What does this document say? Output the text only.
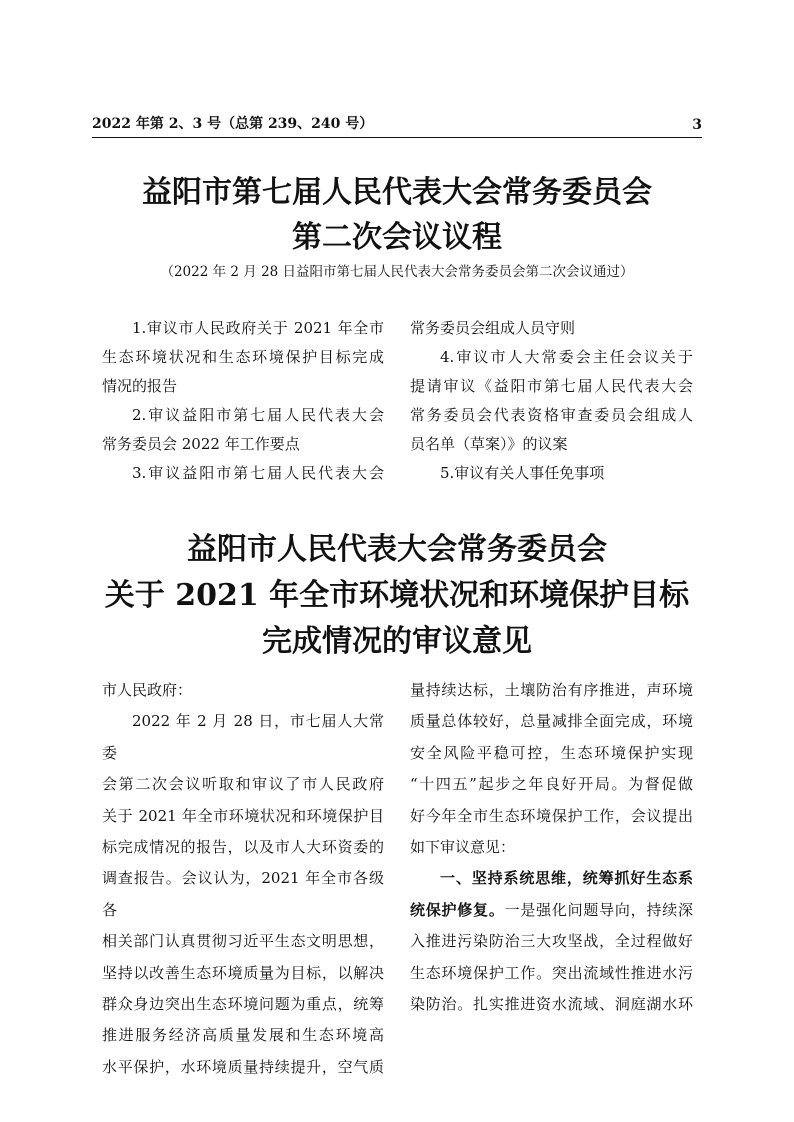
2022 年第 2、3 号（总第 239、240 号）	3
益阳市第七届人民代表大会常务委员会
第二次会议议程
（2022 年 2 月 28 日益阳市第七届人民代表大会常务委员会第二次会议通过）

1.审议市人民政府关于 2021 年全市

生态环境状况和生态环境保护目标完成

情况的报告

2.审议益阳市第七届人民代表大会

常务委员会 2022 年工作要点

3.审议益阳市第七届人民代表大会

常务委员会组成人员守则

4.审议市人大常委会主任会议关于

提请审议《益阳市第七届人民代表大会

常务委员会代表资格审查委员会组成人

员名单（草案）》的议案

5.审议有关人事任免事项

益阳市人民代表大会常务委员会
关于 2021 年全市环境状况和环境保护目标
完成情况的审议意见

市人民政府：

2022 年 2 月 28 日，市七届人大常委

会第二次会议听取和审议了市人民政府

关于 2021 年全市环境状况和环境保护目

标完成情况的报告，以及市人大环资委的

调查报告。会议认为，2021 年全市各级各

相关部门认真贯彻习近平生态文明思想，

坚持以改善生态环境质量为目标，以解决

群众身边突出生态环境问题为重点，统筹

推进服务经济高质量发展和生态环境高

水平保护，水环境质量持续提升，空气质

量持续达标，土壤防治有序推进，声环境

质量总体较好，总量减排全面完成，环境

安全风险平稳可控，生态环境保护实现

“十四五”起步之年良好开局。为督促做

好今年全市生态环境保护工作，会议提出

如下审议意见：

一、坚持系统思维，统筹抓好生态系

统保护修复。一是强化问题导向，持续深

入推进污染防治三大攻坚战，全过程做好

生态环境保护工作。突出流域性推进水污

染防治。扎实推进资水流域、洞庭湖水环
